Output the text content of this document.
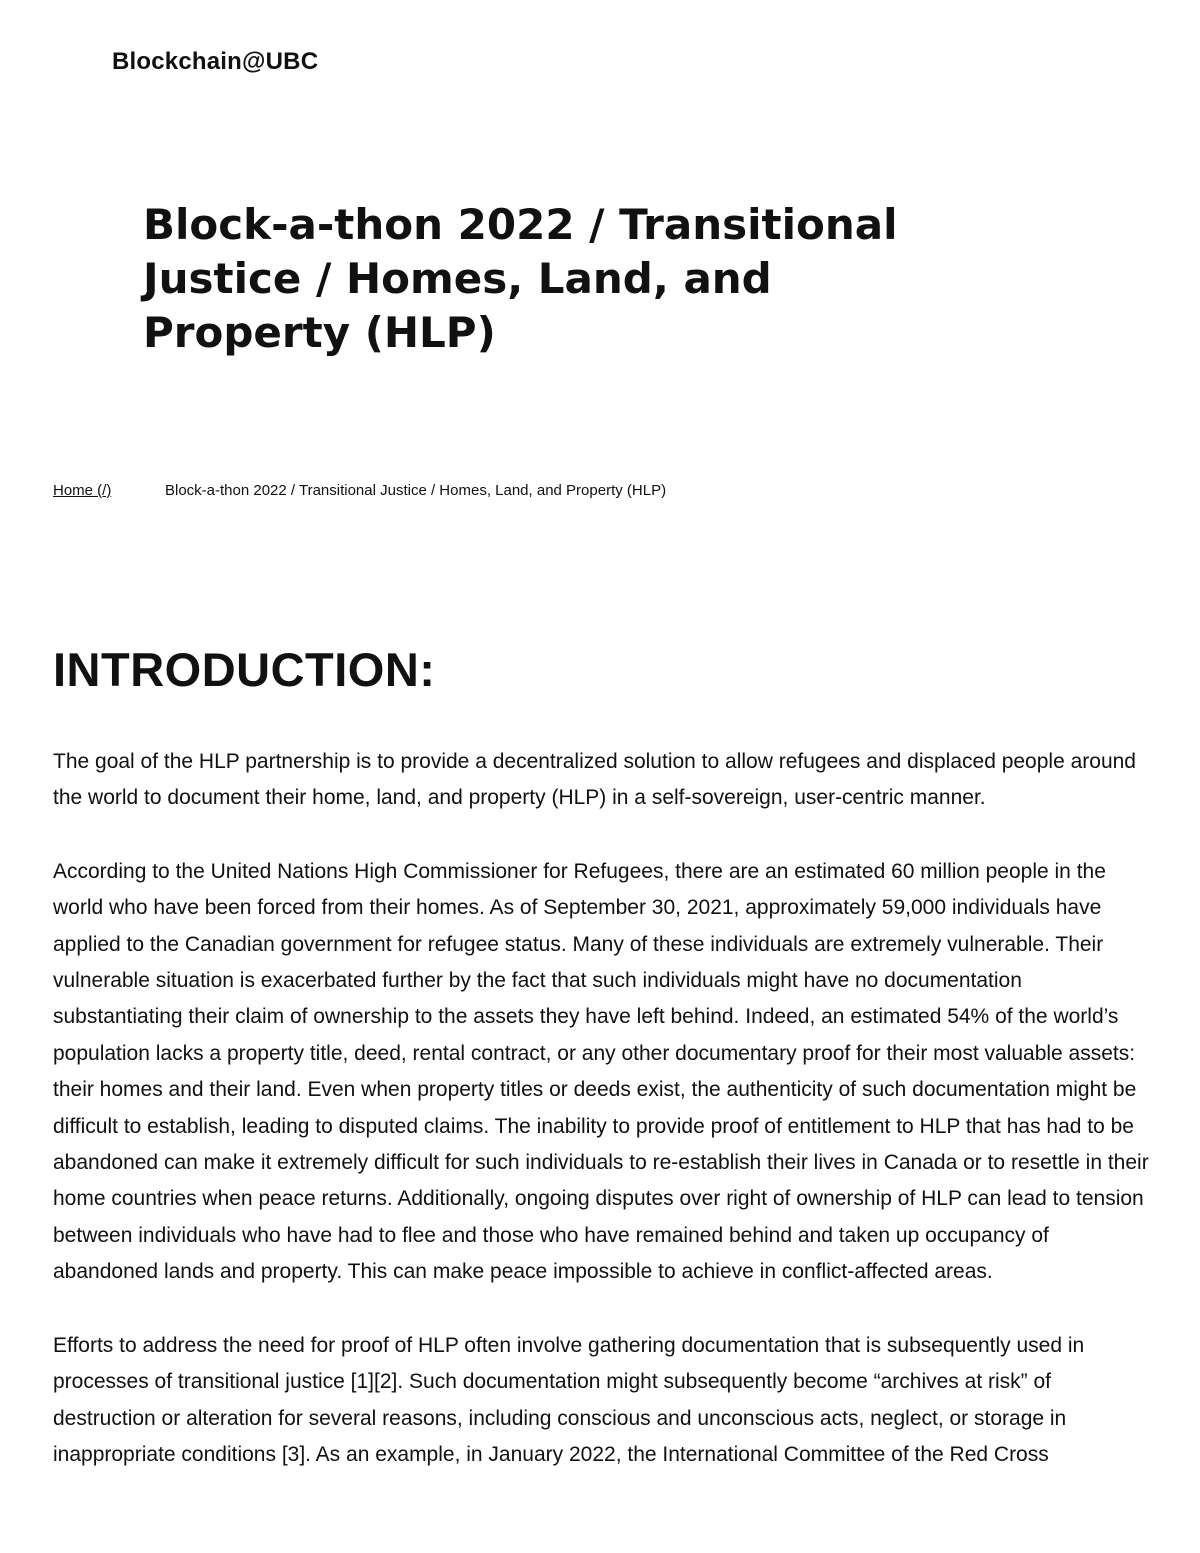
Blockchain@UBC
Block-a-thon 2022 / Transitional Justice / Homes, Land, and Property (HLP)
Home (/)	Block-a-thon 2022 / Transitional Justice / Homes, Land, and Property (HLP)
INTRODUCTION:

The goal of the HLP partnership is to provide a decentralized solution to allow refugees and displaced people around the world to document their home, land, and property (HLP) in a self-sovereign, user-centric manner.

According to the United Nations High Commissioner for Refugees, there are an estimated 60 million people in the world who have been forced from their homes. As of September 30, 2021, approximately 59,000 individuals have applied to the Canadian government for refugee status. Many of these individuals are extremely vulnerable. Their vulnerable situation is exacerbated further by the fact that such individuals might have no documentation substantiating their claim of ownership to the assets they have left behind. Indeed, an estimated 54% of the world’s population lacks a property title, deed, rental contract, or any other documentary proof for their most valuable assets: their homes and their land. Even when property titles or deeds exist, the authenticity of such documentation might be difficult to establish, leading to disputed claims. The inability to provide proof of entitlement to HLP that has had to be abandoned can make it extremely difficult for such individuals to re-establish their lives in Canada or to resettle in their home countries when peace returns. Additionally, ongoing disputes over right of ownership of HLP can lead to tension between individuals who have had to flee and those who have remained behind and taken up occupancy of abandoned lands and property. This can make peace impossible to achieve in conflict-affected areas.

Efforts to address the need for proof of HLP often involve gathering documentation that is subsequently used in processes of transitional justice [1][2]. Such documentation might subsequently become “archives at risk” of destruction or alteration for several reasons, including conscious and unconscious acts, neglect, or storage in inappropriate conditions [3]. As an example, in January 2022, the International Committee of the Red Cross
